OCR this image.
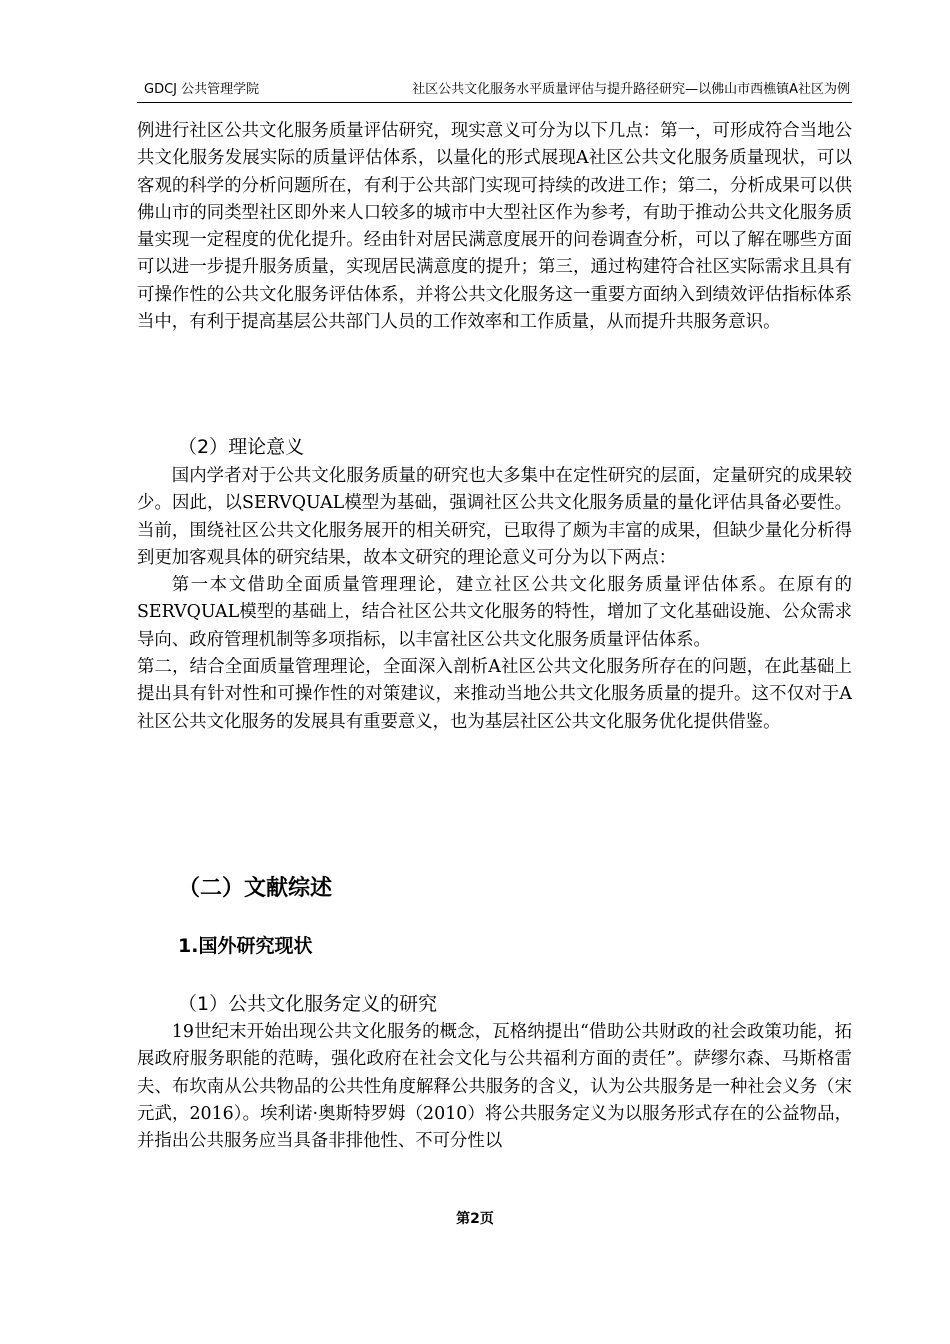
GDCJ 公共管理学院	社区公共文化服务水平质量评估与提升路径研究—以佛山市西樵镇A社区为例

例进行社区公共文化服务质量评估研究，现实意义可分为以下几点：第一，可形成符合当地公共文化服务发展实际的质量评估体系，以量化的形式展现A社区公共文化服务质量现状，可以客观的科学的分析问题所在，有利于公共部门实现可持续的改进工作；第二，分析成果可以供佛山市的同类型社区即外来人口较多的城市中大型社区作为参考，有助于推动公共文化服务质量实现一定程度的优化提升。经由针对居民满意度展开的问卷调查分析，可以了解在哪些方面可以进一步提升服务质量，实现居民满意度的提升；第三，通过构建符合社区实际需求且具有可操作性的公共文化服务评估体系，并将公共文化服务这一重要方面纳入到绩效评估指标体系当中，有利于提高基层公共部门人员的工作效率和工作质量，从而提升共服务意识。

（2）理论意义

国内学者对于公共文化服务质量的研究也大多集中在定性研究的层面，定量研究的成果较少。因此，以SERVQUAL模型为基础，强调社区公共文化服务质量的量化评估具备必要性。当前，围绕社区公共文化服务展开的相关研究，已取得了颇为丰富的成果，但缺少量化分析得到更加客观具体的研究结果，故本文研究的理论意义可分为以下两点：

第一本文借助全面质量管理理论，建立社区公共文化服务质量评估体系。在原有的SERVQUAL模型的基础上，结合社区公共文化服务的特性，增加了文化基础设施、公众需求导向、政府管理机制等多项指标，以丰富社区公共文化服务质量评估体系。

第二，结合全面质量管理理论，全面深入剖析A社区公共文化服务所存在的问题，在此基础上提出具有针对性和可操作性的对策建议，来推动当地公共文化服务质量的提升。这不仅对于A社区公共文化服务的发展具有重要意义，也为基层社区公共文化服务优化提供借鉴。

（二）文献综述
1.国外研究现状
（1）公共文化服务定义的研究

19世纪末开始出现公共文化服务的概念，瓦格纳提出“借助公共财政的社会政策功能，拓展政府服务职能的范畴，强化政府在社会文化与公共福利方面的责任”。萨缪尔森、马斯格雷夫、布坎南从公共物品的公共性角度解释公共服务的含义，认为公共服务是一种社会义务（宋元武，2016）。埃利诺·奥斯特罗姆（2010）将公共服务定义为以服务形式存在的公益物品，并指出公共服务应当具备非排他性、不可分性以

第2页
